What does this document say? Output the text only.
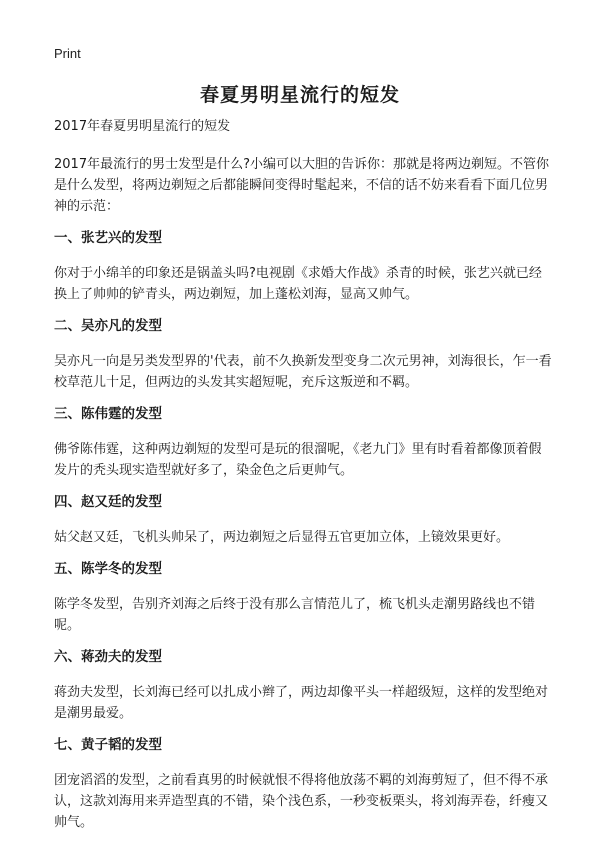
Print
春夏男明星流行的短发

2017年春夏男明星流行的短发

2017年最流行的男士发型是什么?小编可以大胆的告诉你：那就是将两边剃短。不管你是什么发型，将两边剃短之后都能瞬间变得时髦起来，不信的话不妨来看看下面几位男神的示范：

一、张艺兴的发型

你对于小绵羊的印象还是锅盖头吗?电视剧《求婚大作战》杀青的时候，张艺兴就已经换上了帅帅的铲青头，两边剃短，加上蓬松刘海，显高又帅气。

二、吴亦凡的发型

吴亦凡一向是另类发型界的'代表，前不久换新发型变身二次元男神，刘海很长，乍一看校草范儿十足，但两边的头发其实超短呢，充斥这叛逆和不羁。

三、陈伟霆的发型

佛爷陈伟霆，这种两边剃短的发型可是玩的很溜呢，《老九门》里有时看着都像顶着假发片的秃头现实造型就好多了，染金色之后更帅气。

四、赵又廷的发型

姑父赵又廷，飞机头帅呆了，两边剃短之后显得五官更加立体，上镜效果更好。

五、陈学冬的发型

陈学冬发型，告别齐刘海之后终于没有那么言情范儿了，梳飞机头走潮男路线也不错呢。

六、蒋劲夫的发型

蒋劲夫发型，长刘海已经可以扎成小辫了，两边却像平头一样超级短，这样的发型绝对是潮男最爱。

七、黄子韬的发型

团宠滔滔的发型，之前看真男的时候就恨不得将他放荡不羁的刘海剪短了，但不得不承认，这款刘海用来弄造型真的不错，染个浅色系，一秒变板栗头，将刘海弄卷，纤瘦又帅气。
